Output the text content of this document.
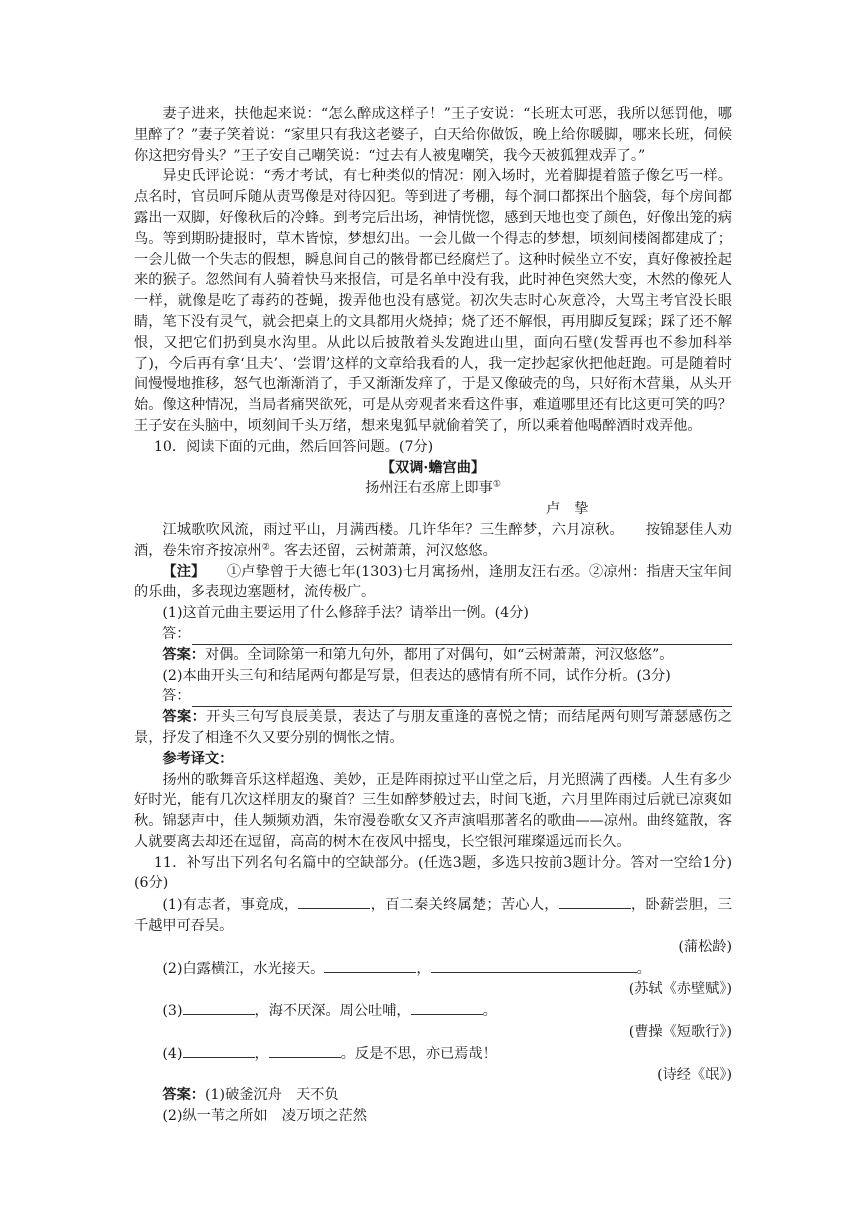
妻子进来，扶他起来说：“怎么醉成这样子！”王子安说：“长班太可恶，我所以惩罚他，哪里醉了？”妻子笑着说：“家里只有我这老婆子，白天给你做饭，晚上给你暖脚，哪来长班，伺候你这把穷骨头？”王子安自己嘲笑说：“过去有人被鬼嘲笑，我今天被狐狸戏弄了。”

异史氏评论说：“秀才考试，有七种类似的情况：刚入场时，光着脚提着篮子像乞丐一样。点名时，官员呵斥随从责骂像是对待囚犯。等到进了考棚，每个洞口都探出个脑袋，每个房间都露出一双脚，好像秋后的冷蜂。到考完后出场，神情恍惚，感到天地也变了颜色，好像出笼的病鸟。等到期盼捷报时，草木皆惊，梦想幻出。一会儿做一个得志的梦想，顷刻间楼阁都建成了；一会儿做一个失志的假想，瞬息间自己的骸骨都已经腐烂了。这种时候坐立不安，真好像被拴起来的猴子。忽然间有人骑着快马来报信，可是名单中没有我，此时神色突然大变，木然的像死人一样，就像是吃了毒药的苍蝇，拨弄他也没有感觉。初次失志时心灰意冷，大骂主考官没长眼睛，笔下没有灵气，就会把桌上的文具都用火烧掉；烧了还不解恨，再用脚反复踩；踩了还不解恨，又把它们扔到臭水沟里。从此以后披散着头发跑进山里，面向石壁(发誓再也不参加科举了)，今后再有拿‘且夫’、‘尝谓’这样的文章给我看的人，我一定抄起家伙把他赶跑。可是随着时间慢慢地推移，怒气也渐渐消了，手又渐渐发痒了，于是又像破壳的鸟，只好衔木营巢，从头开始。像这种情况，当局者痛哭欲死，可是从旁观者来看这件事，难道哪里还有比这更可笑的吗？王子安在头脑中，顷刻间千头万绪，想来鬼狐早就偷着笑了，所以乘着他喝醉酒时戏弄他。

10．阅读下面的元曲，然后回答问题。(7分)

【双调·蟾宫曲】

扬州汪右丞席上即事①

卢挚

江城歌吹风流，雨过平山，月满西楼。几许华年？三生醉梦，六月凉秋。　　按锦瑟佳人劝酒，卷朱帘齐按凉州②。客去还留，云树萧萧，河汉悠悠。

【注】　　①卢挚曾于大德七年(1303)七月寓扬州，逢朋友汪右丞。②凉州：指唐天宝年间的乐曲，多表现边塞题材，流传极广。

(1)这首元曲主要运用了什么修辞手法？请举出一例。(4分)

答：

答案：对偶。全词除第一和第九句外，都用了对偶句，如“云树萧萧，河汉悠悠”。

(2)本曲开头三句和结尾两句都是写景，但表达的感情有所不同，试作分析。(3分)

答：

答案：开头三句写良辰美景，表达了与朋友重逢的喜悦之情；而结尾两句则写萧瑟感伤之景，抒发了相逢不久又要分别的惆怅之情。

参考译文：

扬州的歌舞音乐这样超逸、美妙，正是阵雨掠过平山堂之后，月光照满了西楼。人生有多少好时光，能有几次这样朋友的聚首？三生如醉梦般过去，时间飞逝，六月里阵雨过后就已凉爽如秋。锦瑟声中，佳人频频劝酒，朱帘漫卷歌女又齐声演唱那著名的歌曲——凉州。曲终筵散，客人就要离去却还在逗留，高高的树木在夜风中摇曳，长空银河璀璨遥远而长久。

11．补写出下列名句名篇中的空缺部分。(任选3题，多选只按前3题计分。答对一空给1分)(6分)

(1)有志者，事竟成，	，百二秦关终属楚；苦心人，	，卧薪尝胆，三千越甲可吞吴。

(蒲松龄)

(2)白露横江，水光接天。	，	。

(苏轼《赤壁赋》)

(3)	，海不厌深。周公吐哺，	。

(曹操《短歌行》)

(4)	，	。反是不思，亦已焉哉！

(诗经《氓》)

答案：(1)破釜沉舟　天不负

(2)纵一苇之所如　凌万顷之茫然
